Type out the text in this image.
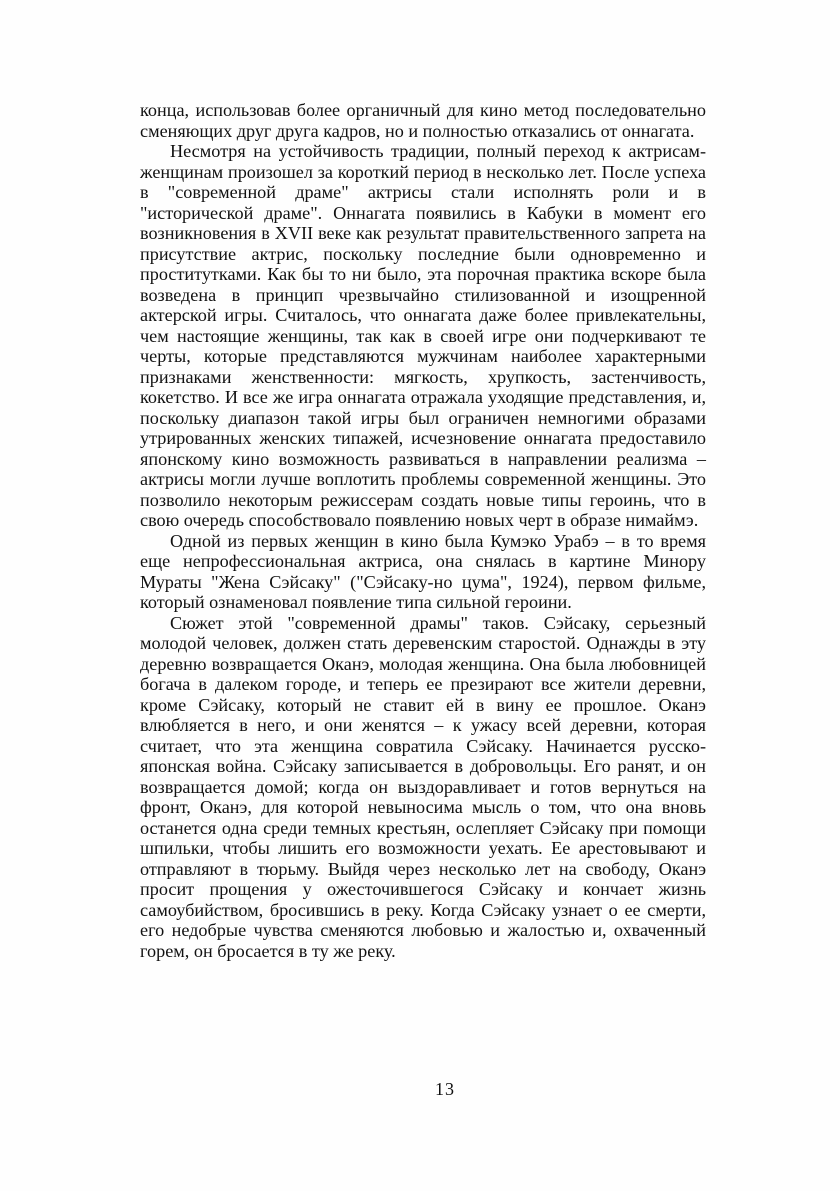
конца, использовав более органичный для кино метод последовательно сменяющих друг друга кадров, но и полностью отказались от оннагата.

Несмотря на устойчивость традиции, полный переход к актрисам-женщинам произошел за короткий период в несколько лет. После успеха в "современной драме" актрисы стали исполнять роли и в "исторической драме". Оннагата появились в Кабуки в момент его возникновения в XVII веке как результат правительственного запрета на присутствие актрис, поскольку последние были одновременно и проститутками. Как бы то ни было, эта порочная практика вскоре была возведена в принцип чрезвычайно стилизованной и изощренной актерской игры. Считалось, что оннагата даже более привлекательны, чем настоящие женщины, так как в своей игре они подчеркивают те черты, которые представляются мужчинам наиболее характерными признаками женственности: мягкость, хрупкость, застенчивость, кокетство. И все же игра оннагата отражала уходящие представления, и, поскольку диапазон такой игры был ограничен немногими образами утрированных женских типажей, исчезновение оннагата предоставило японскому кино возможность развиваться в направлении реализма – актрисы могли лучше воплотить проблемы современной женщины. Это позволило некоторым режиссерам создать новые типы героинь, что в свою очередь способствовало появлению новых черт в образе нимаймэ.

Одной из первых женщин в кино была Кумэко Урабэ – в то время еще непрофессиональная актриса, она снялась в картине Минору Мураты "Жена Сэйсаку" ("Сэйсаку-но цума", 1924), первом фильме, который ознаменовал появление типа сильной героини.

Сюжет этой "современной драмы" таков. Сэйсаку, серьезный молодой человек, должен стать деревенским старостой. Однажды в эту деревню возвращается Оканэ, молодая женщина. Она была любовницей богача в далеком городе, и теперь ее презирают все жители деревни, кроме Сэйсаку, который не ставит ей в вину ее прошлое. Оканэ влюбляется в него, и они женятся – к ужасу всей деревни, которая считает, что эта женщина совратила Сэйсаку. Начинается русско-японская война. Сэйсаку записывается в добровольцы. Его ранят, и он возвращается домой; когда он выздоравливает и готов вернуться на фронт, Оканэ, для которой невыносима мысль о том, что она вновь останется одна среди темных крестьян, ослепляет Сэйсаку при помощи шпильки, чтобы лишить его возможности уехать. Ее арестовывают и отправляют в тюрьму. Выйдя через несколько лет на свободу, Оканэ просит прощения у ожесточившегося Сэйсаку и кончает жизнь самоубийством, бросившись в реку. Когда Сэйсаку узнает о ее смерти, его недобрые чувства сменяются любовью и жалостью и, охваченный горем, он бросается в ту же реку.

13
